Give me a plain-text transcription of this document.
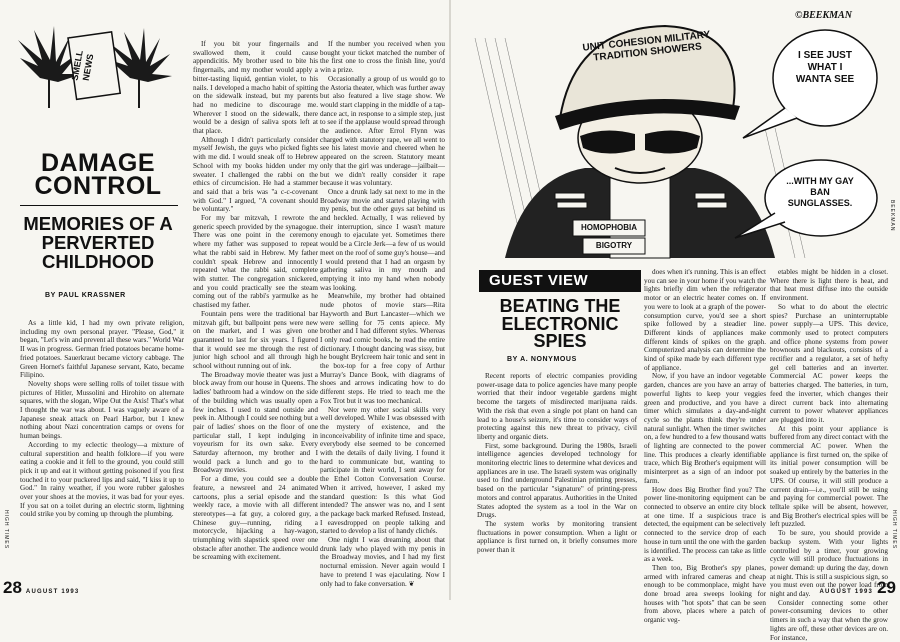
SMELL NEWS
DAMAGE CONTROL
MEMORIES OF A PERVERTED CHILDHOOD
BY PAUL KRASSNER

As a little kid, I had my own private religion, including my own personal prayer. "Please, God," it began, "Let's win and prevent all these wars." World War II was in progress. German fried potatoes became home-fried potatoes. Sauerkraut became victory cabbage. The Green Hornet's faithful Japanese servant, Kato, became Filipino.

Novelty shops were selling rolls of toilet tissue with pictures of Hitler, Mussolini and Hirohito on alternate squares, with the slogan, Wipe Out the Axis! That's what I thought the war was about. I was vaguely aware of a Japanese sneak attack on Pearl Harbor, but I knew nothing about Nazi concentration camps or ovens for human beings.

According to my eclectic theology—a mixture of cultural superstition and health folklore—if you were eating a cookie and it fell to the ground, you could still pick it up and eat it without getting poisoned if you first touched it to your puckered lips and said, "I kiss it up to God." In rainy weather, if you wore rubber galoshes over your shoes at the movies, it was bad for your eyes. If you sat on a toilet during an electric storm, lightning could strike you by coming up through the plumbing.

If you bit your fingernails and swallowed them, it could cause appendicitis. My brother used to bite his fingernails, and my mother would apply a bitter-tasting liquid, gentian violet, to his nails. I developed a macho habit of spitting on the sidewalk instead, but my parents had no medicine to discourage me. Wherever I stood on the sidewalk, there would be a design of saliva spots left at that place.

Although I didn't particularly consider myself Jewish, the guys who picked fights with me did. I would sneak off to Hebrew School with my books hidden under my sweater. I challenged the rabbi on the ethics of circumcision. He had a stammer and said that a bris was "a c-c-covenant with God." I argued, "A covenant should be voluntary."

For my bar mitzvah, I rewrote the generic speech provided by the synagogue. There was one point in the ceremony where my father was supposed to repeat what the rabbi said in Hebrew. My father couldn't speak Hebrew and innocently repeated what the rabbi said, complete with stutter. The congregation snickered, and you could practically see the steam coming out of the rabbi's yarmulke as he chastised my father.

Fountain pens were the traditional bar mitzvah gift, but ballpoint pens were new on the market, and I was given one guaranteed to last for six years. I figured that it would see me through the rest of junior high school and all through high school without running out of ink.

The Broadway movie theater was just a block away from our house in Queens. The ladies' bathroom had a window on the side of the building which was usually open a few inches. I used to stand outside and peek in. Although I could see nothing but a pair of ladies' shoes on the floor of one particular stall, I kept indulging in voyeurism for its own sake. Every Saturday afternoon, my brother and I would pack a lunch and go to the Broadway movies.

For a dime, you could see a double feature, a newsreel and 24 animated cartoons, plus a serial episode and the weekly race, a movie with all different stereotypes—a fat guy, a colored guy, a Chinese guy—running, riding a motorcycle, hijacking a hay-wagon, triumphing with slapstick speed over one obstacle after another. The audience would be screaming with excitement.

If the number you received when you bought your ticket matched the number of the first one to cross the finish line, you'd win a prize.

Occasionally a group of us would go to the Astoria theater, which was further away but also featured a live stage show. We would start clapping in the middle of a tap-dance act, in response to a simple step, just to see if the applause would spread through the audience. After Errol Flynn was charged with statutory rape, we all went to see his latest movie and cheered when he appeared on the screen. Statutory meant only that the girl was underage—jailbait—but we didn't really consider it rape because it was voluntary.

Once a drunk lady sat next to me in the Broadway movie and started playing with my penis, but the other guys sat behind us and heckled. Actually, I was relieved by their interruption, since I wasn't mature enough to ejaculate yet. Sometimes there would be a Circle Jerk—a few of us would meet on the roof of some guy's house—and I would pretend that I had an orgasm by gathering saliva in my mouth and emptying it into my hand when nobody was looking.

Meanwhile, my brother had obtained nude photos of movie stars—Rita Hayworth and Burt Lancaster—which we were selling for 75 cents apiece. My brother and I had different styles. Whereas I only read comic books, he read the entire dictionary. I thought dancing was sissy, but he bought Brylcreem hair tonic and sent in the box-top for a free copy of Arthur Murray's Dance Book, with diagrams of shoes and arrows indicating how to do different steps. He tried to teach me the Fox Trot but it was too mechanical.

Nor were my other social skills very well developed. While I was obsessed with the mystery of existence, and the inconceivability of infinite time and space, everybody else seemed to be concerned with the details of daily living. I found it hard to communicate but, wanting to participate in their world, I sent away for the Ethel Cotton Conversation Course. When it arrived, however, I asked my standard question: Is this what God intended? The answer was no, and I sent the package back marked Refused. Instead, I eavesdropped on people talking and started to develop a list of handy clichés.

One night I was dreaming about that drunk lady who played with my penis in the Broadway movies, and I had my first nocturnal emission. Never again would I have to pretend I was ejaculating. Now I only had to fake conversation. ❦

HIGH TIMES
28 AUGUST 1993
©BEEKMAN
UNIT COHESION MILITARY TRADITION SHOWERS
HOMOPHOBIA
BIGOTRY
I SEE JUST WHAT I WANTA SEE
...WITH MY GAY BAN SUNGLASSES.	BEEKMAN
GUEST VIEW
BEATING THE ELECTRONIC SPIES
BY A. NONYMOUS

Recent reports of electric companies providing power-usage data to police agencies have many people worried that their indoor vegetable gardens might become the targets of misdirected marijuana raids. With the risk that even a single pot plant on hand can lead to a house's seizure, it's time to consider ways of protecting against this new threat to privacy, civil liberty and organic diets.

First, some background. During the 1980s, Israeli intelligence agencies developed technology for monitoring electric lines to determine what devices and appliances are in use. The Israeli system was originally used to find underground Palestinian printing presses, based on the particular "signature" of printing-press motors and control apparatus. Authorities in the United States adopted the system as a tool in the War on Drugs.

The system works by monitoring transient fluctuations in power consumption. When a light or appliance is first turned on, it briefly consumes more power than it

does when it's running. This is an effect you can see in your home if you watch the lights briefly dim when the refrigerator motor or an electric heater comes on. If you were to look at a graph of the power-consumption curve, you'd see a short spike followed by a steadier line. Different kinds of appliances make different kinds of spikes on the graph. Computerized analysis can determine the kind of spike made by each different type of appliance.

Now, if you have an indoor vegetable garden, chances are you have an array of powerful lights to keep your veggies green and productive, and you have a timer which simulates a day-and-night cycle so the plants think they're under natural sunlight. When the timer switches on, a few hundred to a few thousand watts of lighting are connected to the power line. This produces a clearly identifiable trace, which Big Brother's equipment will misinterpret as a sign of an indoor pot farm.

How does Big Brother find you? The power line-monitoring equipment can be connected to observe an entire city block at one time. If a suspicious trace is detected, the equipment can be selectively connected to the service drop of each house in turn until the one with the garden is identified. The process can take as little as a week.

Then too, Big Brother's spy planes, armed with infrared cameras and cheap enough to be commonplace, might have done broad area sweeps looking for houses with "hot spots" that can be seen from above, places where a patch of organic veg-

etables might be hidden in a closet. Where there is light there is heat, and that heat must diffuse into the outside environment.

So what to do about the electric spies? Purchase an uninterruptable power supply—a UPS. This device, commonly used to protect computers and office phone systems from power brownouts and blackouts, consists of a rectifier and a regulator, a set of hefty gel cell batteries and an inverter. Commercial AC power keeps the batteries charged. The batteries, in turn, feed the inverter, which changes their direct current back into alternating current to power whatever appliances are plugged into it.

At this point your appliance is buffered from any direct contact with the commercial AC power. When the appliance is first turned on, the spike of its initial power consumption will be soaked up entirely by the batteries in the UPS. Of course, it will still produce a current drain—i.e., you'll still be using and paying for commercial power. The telltale spike will be absent, however, and Big Brother's electrical spies will be left puzzled.

To be sure, you should provide a backup system. With your lights controlled by a timer, your growing cycle will still produce fluctuations in power demand: up during the day, down at night. This is still a suspicious sign, so you must even out the power load from night and day.

Consider connecting some other power-consuming devices to other timers in such a way that when the grow lights are off, these other devices are on. For instance,

HIGH TIMES
AUGUST 1993 29
